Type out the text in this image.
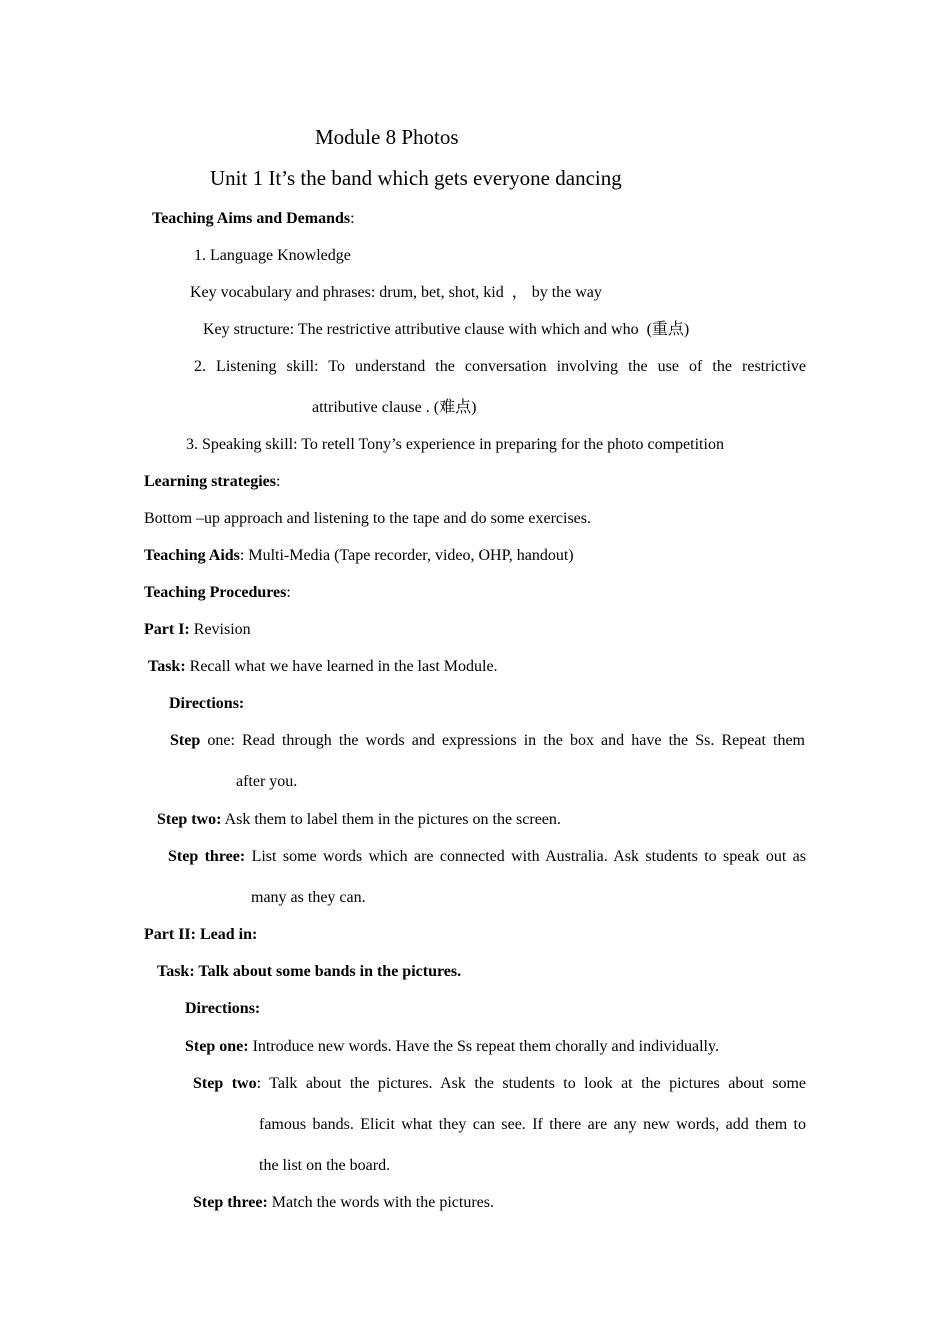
Module 8 Photos
Unit 1 It’s the band which gets everyone dancing
Teaching Aims and Demands:
1. Language Knowledge
Key vocabulary and phrases: drum, bet, shot, kid  ， by the way
Key structure: The restrictive attributive clause with which and who (重点)
2. Listening skill: To understand the conversation involving the use of the restrictive
attributive clause . (难点)
3. Speaking skill: To retell Tony’s experience in preparing for the photo competition
Learning strategies:
Bottom –up approach and listening to the tape and do some exercises.
Teaching Aids: Multi-Media (Tape recorder, video, OHP, handout)
Teaching Procedures:
Part I: Revision
Task: Recall what we have learned in the last Module.
Directions:
Step one: Read through the words and expressions in the box and have the Ss. Repeat them
after you.
Step two: Ask them to label them in the pictures on the screen.
Step three: List some words which are connected with Australia. Ask students to speak out as
many as they can.
Part II: Lead in:
Task: Talk about some bands in the pictures.
Directions:
Step one: Introduce new words. Have the Ss repeat them chorally and individually.
Step two: Talk about the pictures. Ask the students to look at the pictures about some
famous bands. Elicit what they can see. If there are any new words, add them to
the list on the board.
Step three: Match the words with the pictures.
